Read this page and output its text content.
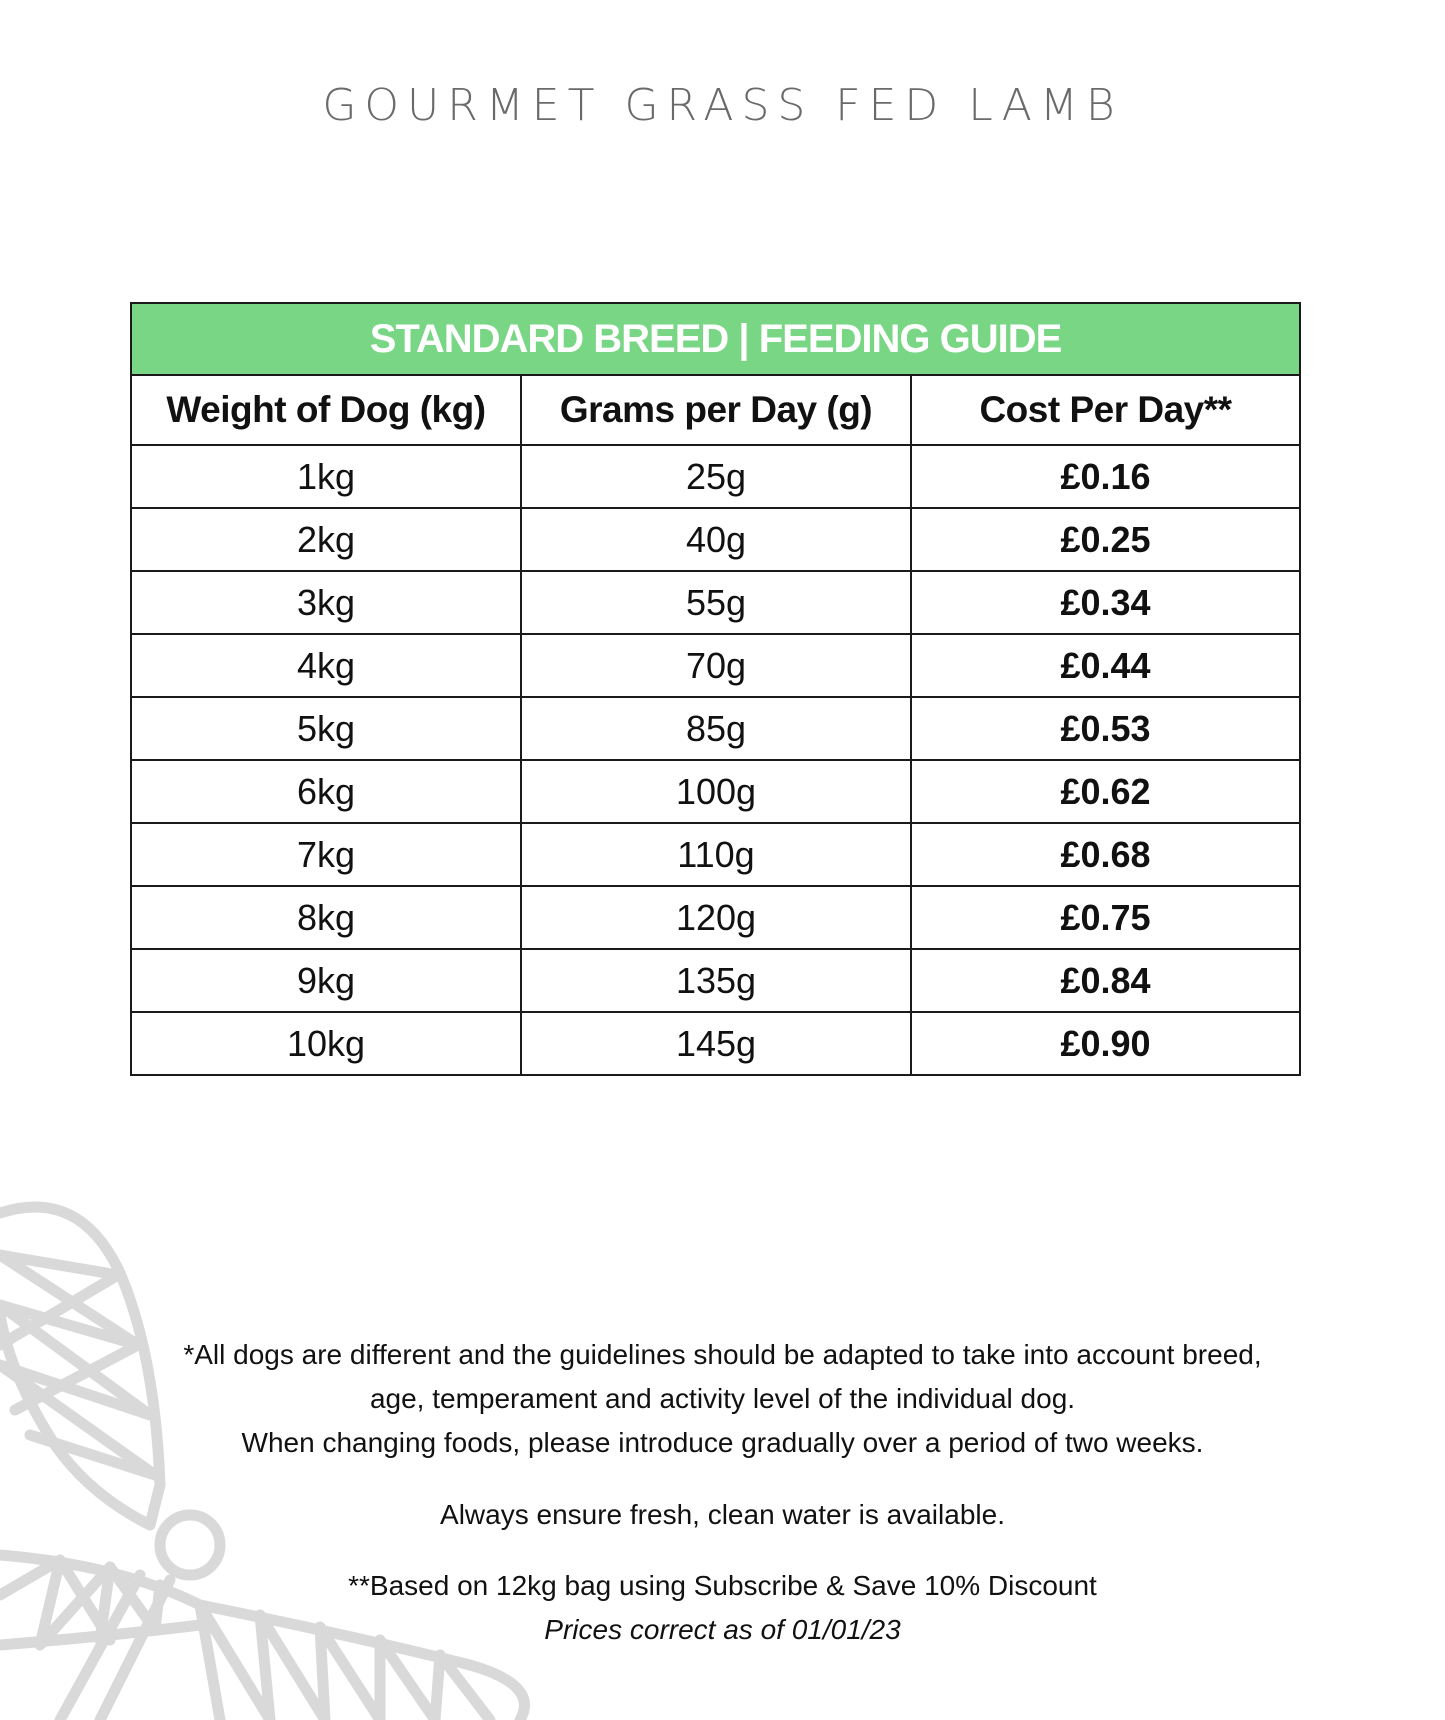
GOURMET GRASS FED LAMB
STANDARD BREED | FEEDING GUIDE		
Weight of Dog (kg)	Grams per Day (g)	Cost Per Day**
1kg	25g	£0.16
2kg	40g	£0.25
3kg	55g	£0.34
4kg	70g	£0.44
5kg	85g	£0.53
6kg	100g	£0.62
7kg	110g	£0.68
8kg	120g	£0.75
9kg	135g	£0.84
10kg	145g	£0.90

*All dogs are different and the guidelines should be adapted to take into account breed,

age, temperament and activity level of the individual dog.

When changing foods, please introduce gradually over a period of two weeks.

Always ensure fresh, clean water is available.

**Based on 12kg bag using Subscribe & Save 10% Discount

Prices correct as of 01/01/23
